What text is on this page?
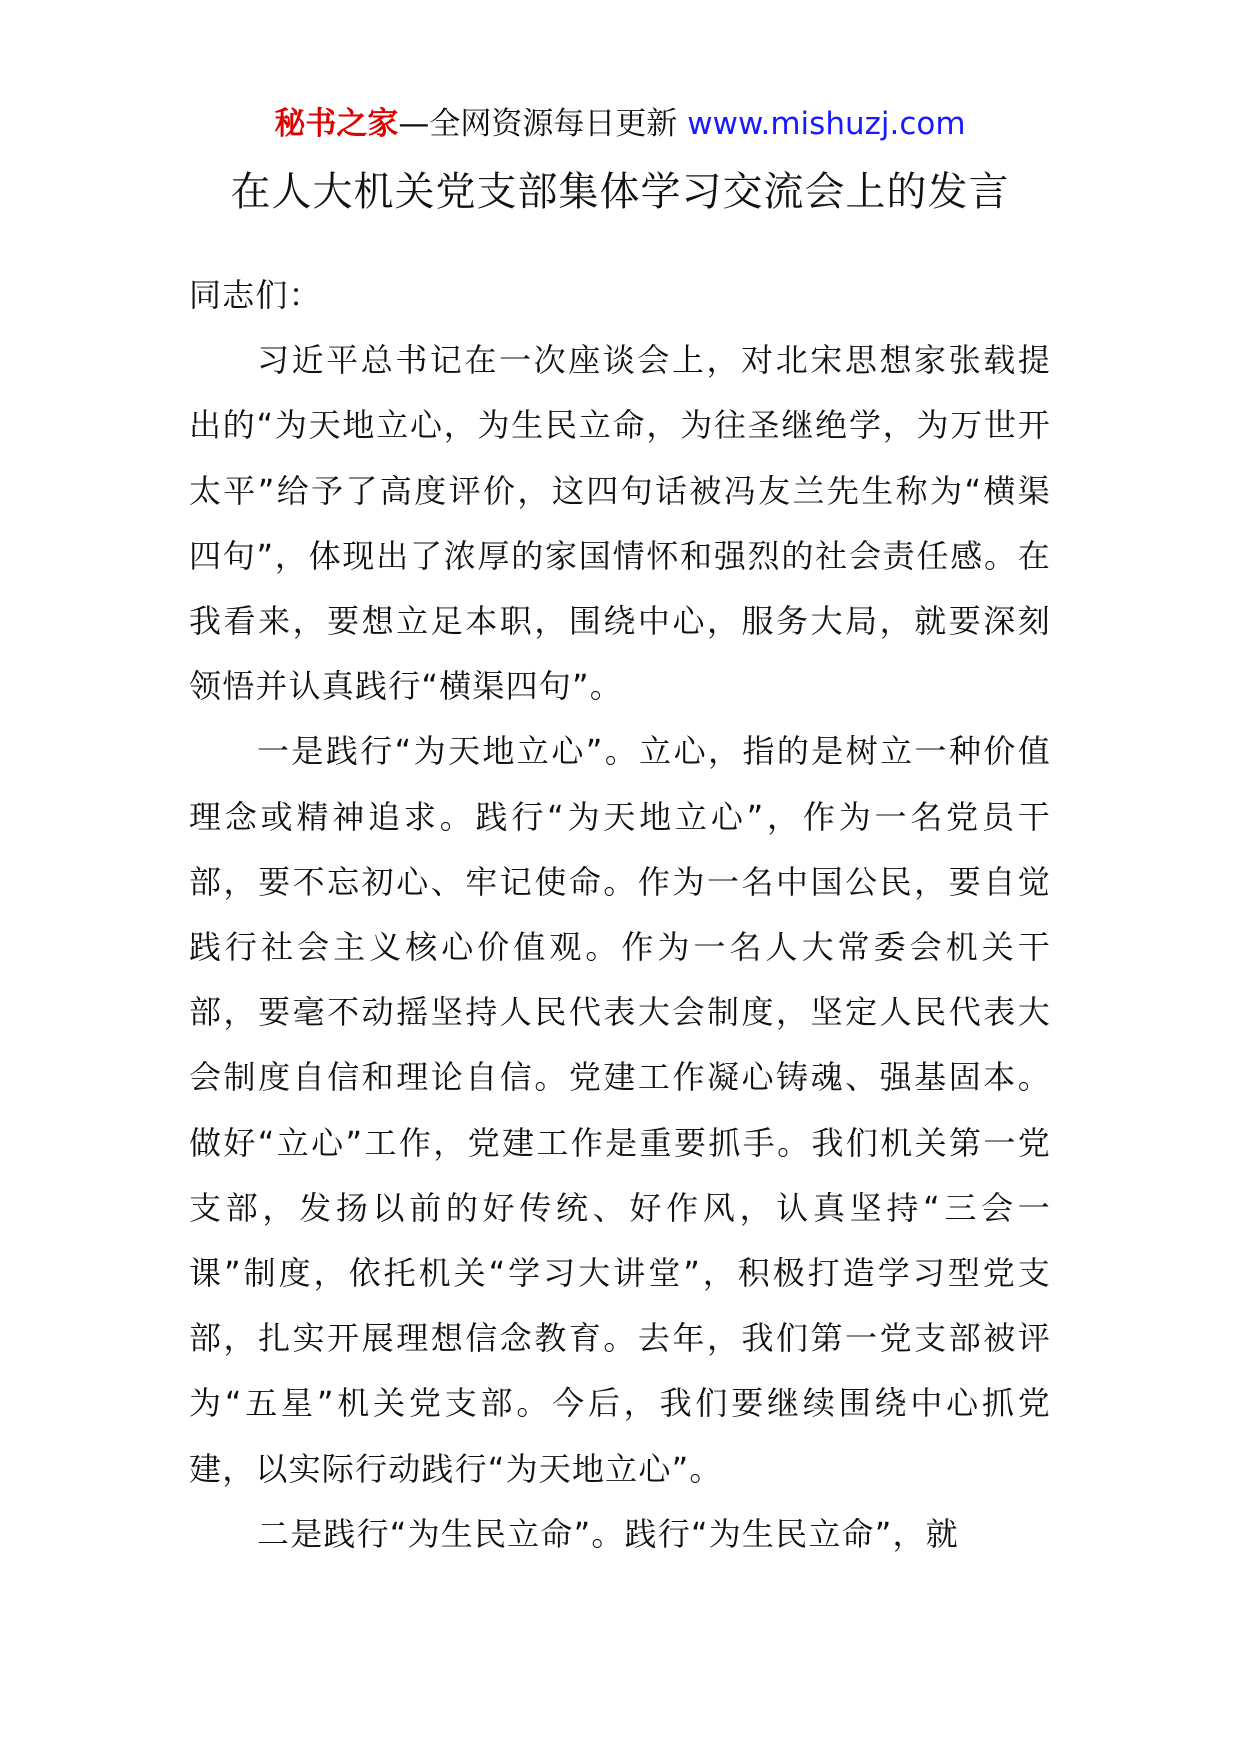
秘书之家—全网资源每日更新 www.mishuzj.com
在人大机关党支部集体学习交流会上的发言

同志们：

习近平总书记在一次座谈会上，对北宋思想家张载提出的“为天地立心，为生民立命，为往圣继绝学，为万世开太平”给予了高度评价，这四句话被冯友兰先生称为“横渠四句”，体现出了浓厚的家国情怀和强烈的社会责任感。在我看来，要想立足本职，围绕中心，服务大局，就要深刻领悟并认真践行“横渠四句”。

一是践行“为天地立心”。立心，指的是树立一种价值理念或精神追求。践行“为天地立心”，作为一名党员干部，要不忘初心、牢记使命。作为一名中国公民，要自觉践行社会主义核心价值观。作为一名人大常委会机关干部，要毫不动摇坚持人民代表大会制度，坚定人民代表大会制度自信和理论自信。党建工作凝心铸魂、强基固本。做好“立心”工作，党建工作是重要抓手。我们机关第一党支部，发扬以前的好传统、好作风，认真坚持“三会一课”制度，依托机关“学习大讲堂”，积极打造学习型党支部，扎实开展理想信念教育。去年，我们第一党支部被评为“五星”机关党支部。今后，我们要继续围绕中心抓党建，以实际行动践行“为天地立心”。

二是践行“为生民立命”。践行“为生民立命”，就
